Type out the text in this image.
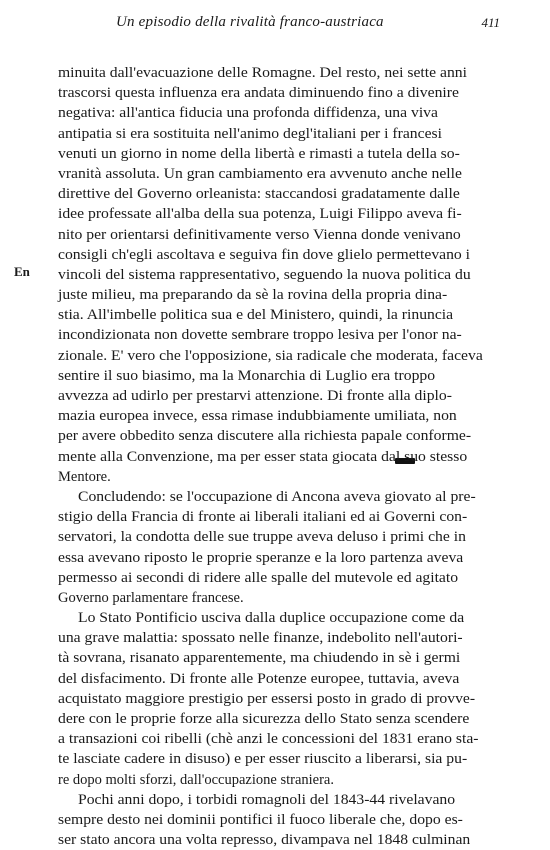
Un episodio della rivalità franco-austriaca	411
En
minuita dall'evacuazione delle Romagne. Del resto, nei sette anni
trascorsi questa influenza era andata diminuendo fino a divenire
negativa: all'antica fiducia una profonda diffidenza, una viva
antipatia si era sostituita nell'animo degl'italiani per i francesi
venuti un giorno in nome della libertà e rimasti a tutela della so-
vranità assoluta. Un gran cambiamento era avvenuto anche nelle
direttive del Governo orleanista: staccandosi gradatamente dalle
idee professate all'alba della sua potenza, Luigi Filippo aveva fi-
nito per orientarsi definitivamente verso Vienna donde venivano
consigli ch'egli ascoltava e seguiva fin dove glielo permettevano i
vincoli del sistema rappresentativo, seguendo la nuova politica du
juste milieu, ma preparando da sè la rovina della propria dina-
stia. All'imbelle politica sua e del Ministero, quindi, la rinuncia
incondizionata non dovette sembrare troppo lesiva per l'onor na-
zionale. E' vero che l'opposizione, sia radicale che moderata, faceva
sentire il suo biasimo, ma la Monarchia di Luglio era troppo
avvezza ad udirlo per prestarvi attenzione. Di fronte alla diplo-
mazia europea invece, essa rimase indubbiamente umiliata, non
per avere obbedito senza discutere alla richiesta papale conforme-
mente alla Convenzione, ma per esser stata giocata dal suo stesso
Mentore.
Concludendo: se l'occupazione di Ancona aveva giovato al pre-
stigio della Francia di fronte ai liberali italiani ed ai Governi con-
servatori, la condotta delle sue truppe aveva deluso i primi che in
essa avevano riposto le proprie speranze e la loro partenza aveva
permesso ai secondi di ridere alle spalle del mutevole ed agitato
Governo parlamentare francese.
Lo Stato Pontificio usciva dalla duplice occupazione come da
una grave malattia: spossato nelle finanze, indebolito nell'autori-
tà sovrana, risanato apparentemente, ma chiudendo in sè i germi
del disfacimento. Di fronte alle Potenze europee, tuttavia, aveva
acquistato maggiore prestigio per essersi posto in grado di provve-
dere con le proprie forze alla sicurezza dello Stato senza scendere
a transazioni coi ribelli (chè anzi le concessioni del 1831 erano sta-
te lasciate cadere in disuso) e per esser riuscito a liberarsi, sia pu-
re dopo molti sforzi, dall'occupazione straniera.
Pochi anni dopo, i torbidi romagnoli del 1843-44 rivelavano
sempre desto nei dominii pontifici il fuoco liberale che, dopo es-
ser stato ancora una volta represso, divampava nel 1848 culminan
